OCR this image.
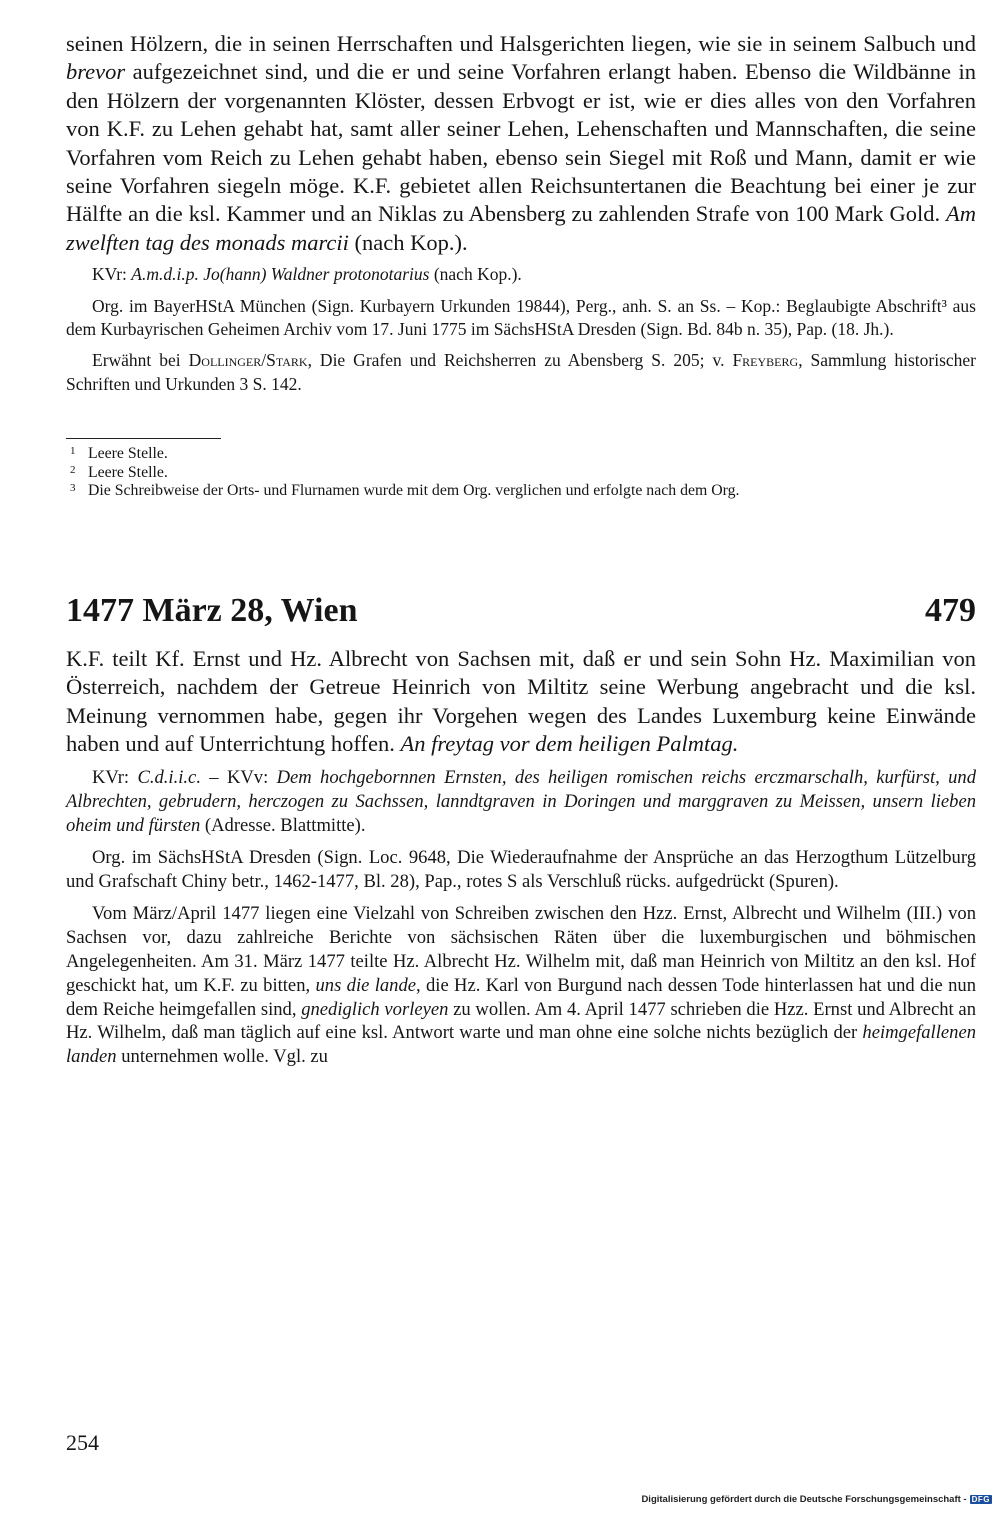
seinen Hölzern, die in seinen Herrschaften und Halsgerichten liegen, wie sie in seinem Salbuch und brevor aufgezeichnet sind, und die er und seine Vorfahren erlangt haben. Ebenso die Wildbänne in den Hölzern der vorgenannten Klöster, dessen Erbvogt er ist, wie er dies alles von den Vorfahren von K.F. zu Lehen gehabt hat, samt aller seiner Lehen, Lehenschaften und Mannschaften, die seine Vorfahren vom Reich zu Lehen gehabt haben, ebenso sein Siegel mit Roß und Mann, damit er wie seine Vorfahren siegeln möge. K.F. gebietet allen Reichsuntertanen die Beachtung bei einer je zur Hälfte an die ksl. Kammer und an Niklas zu Abensberg zu zahlenden Strafe von 100 Mark Gold. Am zwelften tag des monads marcii (nach Kop.).

KVr: A.m.d.i.p. Jo(hann) Waldner protonotarius (nach Kop.).

Org. im BayerHStA München (Sign. Kurbayern Urkunden 19844), Perg., anh. S. an Ss. – Kop.: Beglaubigte Abschrift³ aus dem Kurbayrischen Geheimen Archiv vom 17. Juni 1775 im SächsHStA Dresden (Sign. Bd. 84b n. 35), Pap. (18. Jh.).

Erwähnt bei Dollinger/Stark, Die Grafen und Reichsherren zu Abensberg S. 205; v. Freyberg, Sammlung historischer Schriften und Urkunden 3 S. 142.

1 Leere Stelle.
2 Leere Stelle.
3 Die Schreibweise der Orts- und Flurnamen wurde mit dem Org. verglichen und erfolgte nach dem Org.
1477 März 28, Wien	479

K.F. teilt Kf. Ernst und Hz. Albrecht von Sachsen mit, daß er und sein Sohn Hz. Maximilian von Österreich, nachdem der Getreue Heinrich von Miltitz seine Werbung angebracht und die ksl. Meinung vernommen habe, gegen ihr Vorgehen wegen des Landes Luxemburg keine Einwände haben und auf Unterrichtung hoffen. An freytag vor dem heiligen Palmtag.

KVr: C.d.i.i.c. – KVv: Dem hochgebornnen Ernsten, des heiligen romischen reichs erczmarschalh, kurfürst, und Albrechten, gebrudern, herczogen zu Sachssen, lanndtgraven in Doringen und marggraven zu Meissen, unsern lieben oheim und fürsten (Adresse. Blattmitte).

Org. im SächsHStA Dresden (Sign. Loc. 9648, Die Wiederaufnahme der Ansprüche an das Herzogthum Lützelburg und Grafschaft Chiny betr., 1462-1477, Bl. 28), Pap., rotes S als Verschluß rücks. aufgedrückt (Spuren).

Vom März/April 1477 liegen eine Vielzahl von Schreiben zwischen den Hzz. Ernst, Albrecht und Wilhelm (III.) von Sachsen vor, dazu zahlreiche Berichte von sächsischen Räten über die luxemburgischen und böhmischen Angelegenheiten. Am 31. März 1477 teilte Hz. Albrecht Hz. Wilhelm mit, daß man Heinrich von Miltitz an den ksl. Hof geschickt hat, um K.F. zu bitten, uns die lande, die Hz. Karl von Burgund nach dessen Tode hinterlassen hat und die nun dem Reiche heimgefallen sind, gnediglich vorleyen zu wollen. Am 4. April 1477 schrieben die Hzz. Ernst und Albrecht an Hz. Wilhelm, daß man täglich auf eine ksl. Antwort warte und man ohne eine solche nichts bezüglich der heimgefallenen landen unternehmen wolle. Vgl. zu

254
Digitalisierung gefördert durch die Deutsche Forschungsgemeinschaft - DFG
